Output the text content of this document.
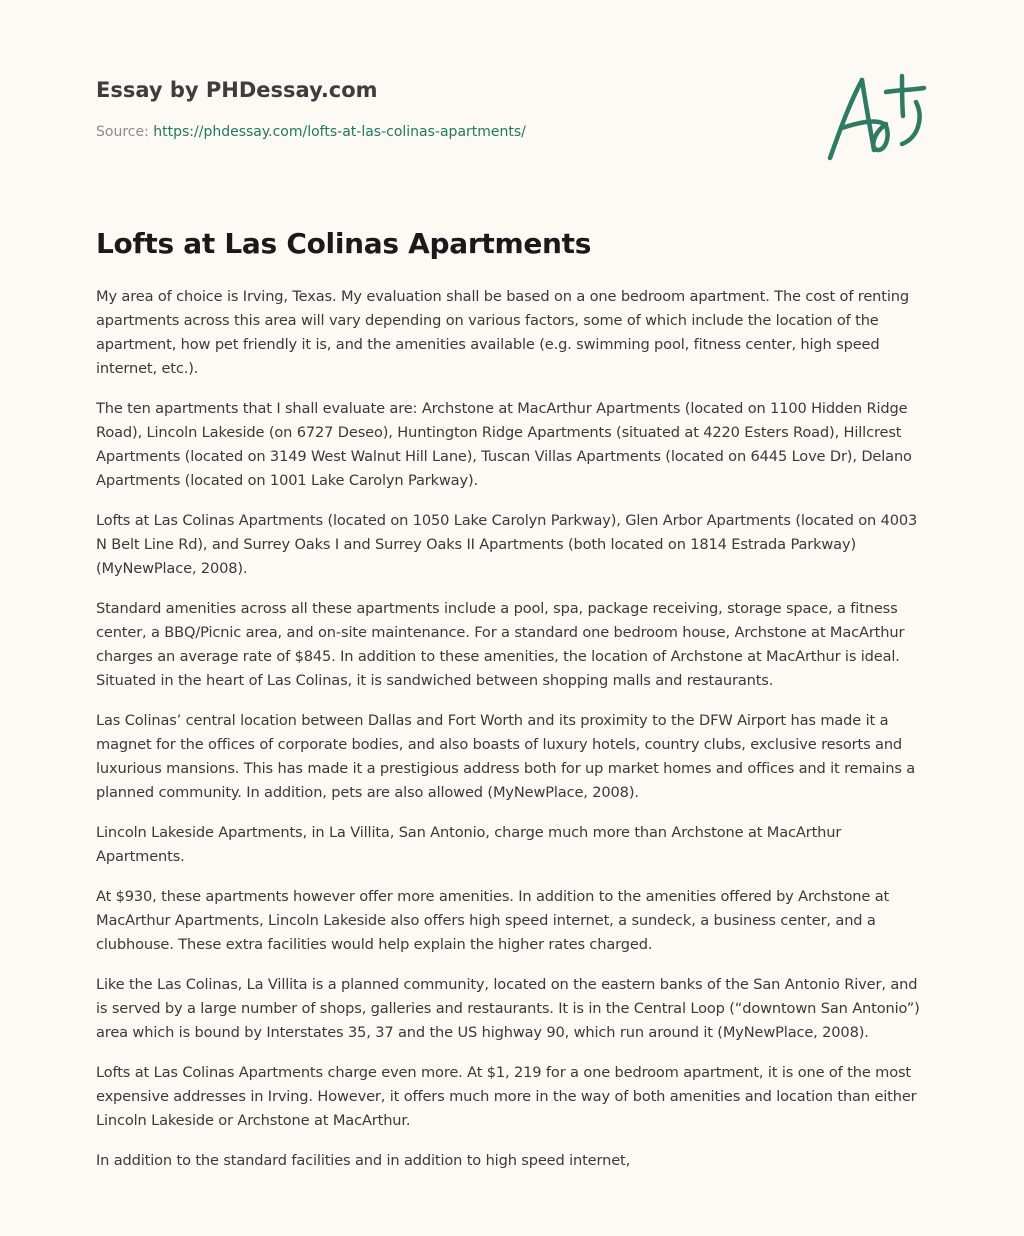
Essay by PHDessay.com
Source: https://phdessay.com/lofts-at-las-colinas-apartments/
Lofts at Las Colinas Apartments

My area of choice is Irving, Texas. My evaluation shall be based on a one bedroom apartment. The cost of renting apartments across this area will vary depending on various factors, some of which include the location of the apartment, how pet friendly it is, and the amenities available (e.g. swimming pool, fitness center, high speed internet, etc.).

The ten apartments that I shall evaluate are: Archstone at MacArthur Apartments (located on 1100 Hidden Ridge Road), Lincoln Lakeside (on 6727 Deseo), Huntington Ridge Apartments (situated at 4220 Esters Road), Hillcrest Apartments (located on 3149 West Walnut Hill Lane), Tuscan Villas Apartments (located on 6445 Love Dr), Delano Apartments (located on 1001 Lake Carolyn Parkway).

Lofts at Las Colinas Apartments (located on 1050 Lake Carolyn Parkway), Glen Arbor Apartments (located on 4003 N Belt Line Rd), and Surrey Oaks I and Surrey Oaks II Apartments (both located on 1814 Estrada Parkway) (MyNewPlace, 2008).

Standard amenities across all these apartments include a pool, spa, package receiving, storage space, a fitness center, a BBQ/Picnic area, and on-site maintenance. For a standard one bedroom house, Archstone at MacArthur charges an average rate of $845. In addition to these amenities, the location of Archstone at MacArthur is ideal. Situated in the heart of Las Colinas, it is sandwiched between shopping malls and restaurants.

Las Colinas’ central location between Dallas and Fort Worth and its proximity to the DFW Airport has made it a magnet for the offices of corporate bodies, and also boasts of luxury hotels, country clubs, exclusive resorts and luxurious mansions. This has made it a prestigious address both for up market homes and offices and it remains a planned community. In addition, pets are also allowed (MyNewPlace, 2008).

Lincoln Lakeside Apartments, in La Villita, San Antonio, charge much more than Archstone at MacArthur Apartments.

At $930, these apartments however offer more amenities. In addition to the amenities offered by Archstone at MacArthur Apartments, Lincoln Lakeside also offers high speed internet, a sundeck, a business center, and a clubhouse. These extra facilities would help explain the higher rates charged.

Like the Las Colinas, La Villita is a planned community, located on the eastern banks of the San Antonio River, and is served by a large number of shops, galleries and restaurants. It is in the Central Loop (“downtown San Antonio”) area which is bound by Interstates 35, 37 and the US highway 90, which run around it (MyNewPlace, 2008).

Lofts at Las Colinas Apartments charge even more. At $1, 219 for a one bedroom apartment, it is one of the most expensive addresses in Irving. However, it offers much more in the way of both amenities and location than either Lincoln Lakeside or Archstone at MacArthur.

In addition to the standard facilities and in addition to high speed internet,
